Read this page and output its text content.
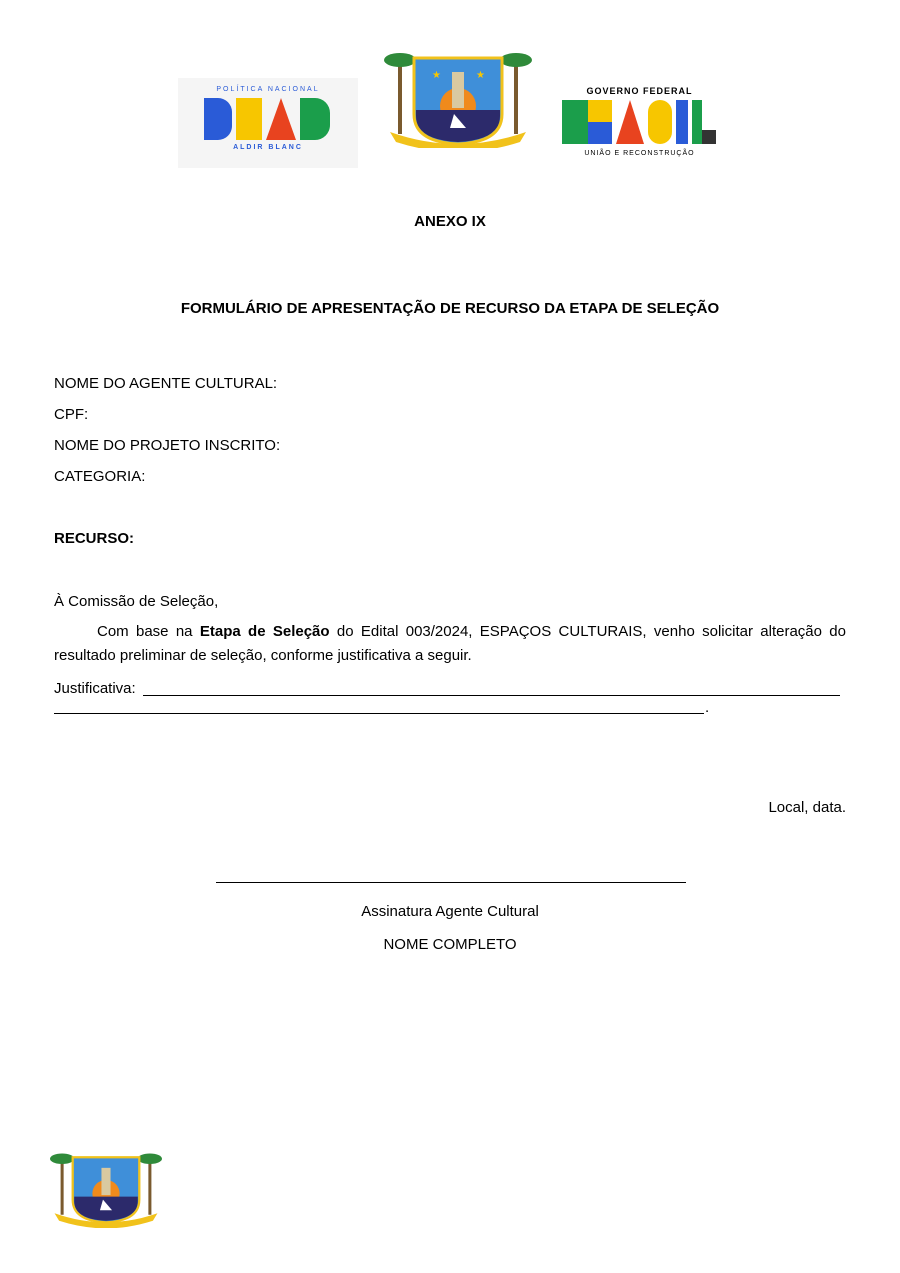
POLÍTICA NACIONAL
ALDIR BLANC
★	★
GOVERNO FEDERAL
UNIÃO E RECONSTRUÇÃO
ANEXO IX
FORMULÁRIO DE APRESENTAÇÃO DE RECURSO DA ETAPA DE SELEÇÃO
NOME DO AGENTE CULTURAL:
CPF:
NOME DO PROJETO INSCRITO:
CATEGORIA:
RECURSO:
À Comissão de Seleção,
Com base na Etapa de Seleção do Edital 003/2024, ESPAÇOS CULTURAIS, venho solicitar alteração do resultado preliminar de seleção, conforme justificativa a seguir.
Justificativa:
.
Local, data.
Assinatura Agente Cultural
NOME COMPLETO
